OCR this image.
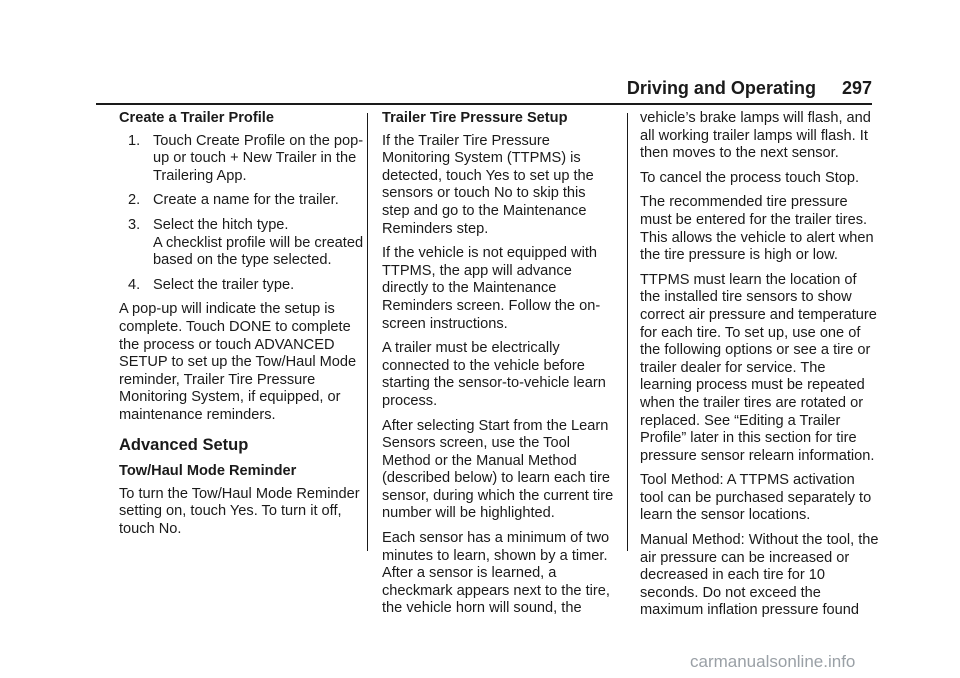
Driving and Operating 297

Create a Trailer Profile

1. Touch Create Profile on the pop-up or touch + New Trailer in the Trailering App.
2. Create a name for the trailer.
3. Select the hitch type.
A checklist profile will be created based on the type selected.
4. Select the trailer type.

A pop-up will indicate the setup is complete. Touch DONE to complete the process or touch ADVANCED SETUP to set up the Tow/Haul Mode reminder, Trailer Tire Pressure Monitoring System, if equipped, or maintenance reminders.

Advanced Setup

Tow/Haul Mode Reminder

To turn the Tow/Haul Mode Reminder setting on, touch Yes. To turn it off, touch No.

Trailer Tire Pressure Setup

If the Trailer Tire Pressure Monitoring System (TTPMS) is detected, touch Yes to set up the sensors or touch No to skip this step and go to the Maintenance Reminders step.

If the vehicle is not equipped with TTPMS, the app will advance directly to the Maintenance Reminders screen. Follow the on-screen instructions.

A trailer must be electrically connected to the vehicle before starting the sensor-to-vehicle learn process.

After selecting Start from the Learn Sensors screen, use the Tool Method or the Manual Method (described below) to learn each tire sensor, during which the current tire number will be highlighted.

Each sensor has a minimum of two minutes to learn, shown by a timer. After a sensor is learned, a checkmark appears next to the tire, the vehicle horn will sound, the

vehicle’s brake lamps will flash, and all working trailer lamps will flash. It then moves to the next sensor.

To cancel the process touch Stop.

The recommended tire pressure must be entered for the trailer tires. This allows the vehicle to alert when the tire pressure is high or low.

TTPMS must learn the location of the installed tire sensors to show correct air pressure and temperature for each tire. To set up, use one of the following options or see a tire or trailer dealer for service. The learning process must be repeated when the trailer tires are rotated or replaced. See “Editing a Trailer Profile” later in this section for tire pressure sensor relearn information.

Tool Method: A TTPMS activation tool can be purchased separately to learn the sensor locations.

Manual Method: Without the tool, the air pressure can be increased or decreased in each tire for 10 seconds. Do not exceed the maximum inflation pressure found

carmanualsonline.info
